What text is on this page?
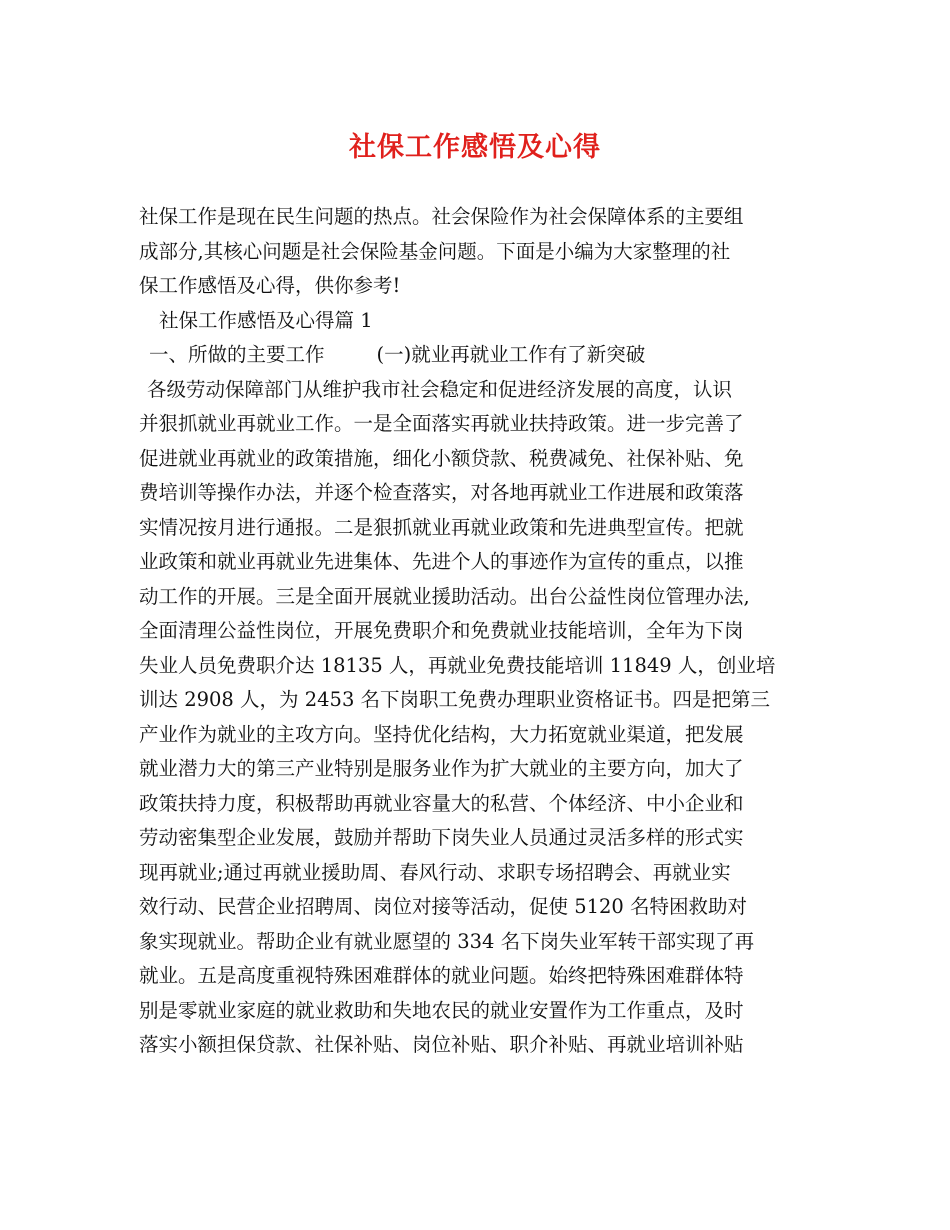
社保工作感悟及心得
社保工作是现在民生问题的热点。社会保险作为社会保障体系的主要组
成部分,其核心问题是社会保险基金问题。下面是小编为大家整理的社
保工作感悟及心得，供你参考!
社保工作感悟及心得篇 1
一、所做的主要工作	(一)就业再就业工作有了新突破
各级劳动保障部门从维护我市社会稳定和促进经济发展的高度，认识
并狠抓就业再就业工作。一是全面落实再就业扶持政策。进一步完善了
促进就业再就业的政策措施，细化小额贷款、税费减免、社保补贴、免
费培训等操作办法，并逐个检查落实，对各地再就业工作进展和政策落
实情况按月进行通报。二是狠抓就业再就业政策和先进典型宣传。把就
业政策和就业再就业先进集体、先进个人的事迹作为宣传的重点，以推
动工作的开展。三是全面开展就业援助活动。出台公益性岗位管理办法,
全面清理公益性岗位，开展免费职介和免费就业技能培训，全年为下岗
失业人员免费职介达 18135 人，再就业免费技能培训 11849 人，创业培
训达 2908 人，为 2453 名下岗职工免费办理职业资格证书。四是把第三
产业作为就业的主攻方向。坚持优化结构，大力拓宽就业渠道，把发展
就业潜力大的第三产业特别是服务业作为扩大就业的主要方向，加大了
政策扶持力度，积极帮助再就业容量大的私营、个体经济、中小企业和
劳动密集型企业发展，鼓励并帮助下岗失业人员通过灵活多样的形式实
现再就业;通过再就业援助周、春风行动、求职专场招聘会、再就业实
效行动、民营企业招聘周、岗位对接等活动，促使 5120 名特困救助对
象实现就业。帮助企业有就业愿望的 334 名下岗失业军转干部实现了再
就业。五是高度重视特殊困难群体的就业问题。始终把特殊困难群体特
别是零就业家庭的就业救助和失地农民的就业安置作为工作重点，及时
落实小额担保贷款、社保补贴、岗位补贴、职介补贴、再就业培训补贴
